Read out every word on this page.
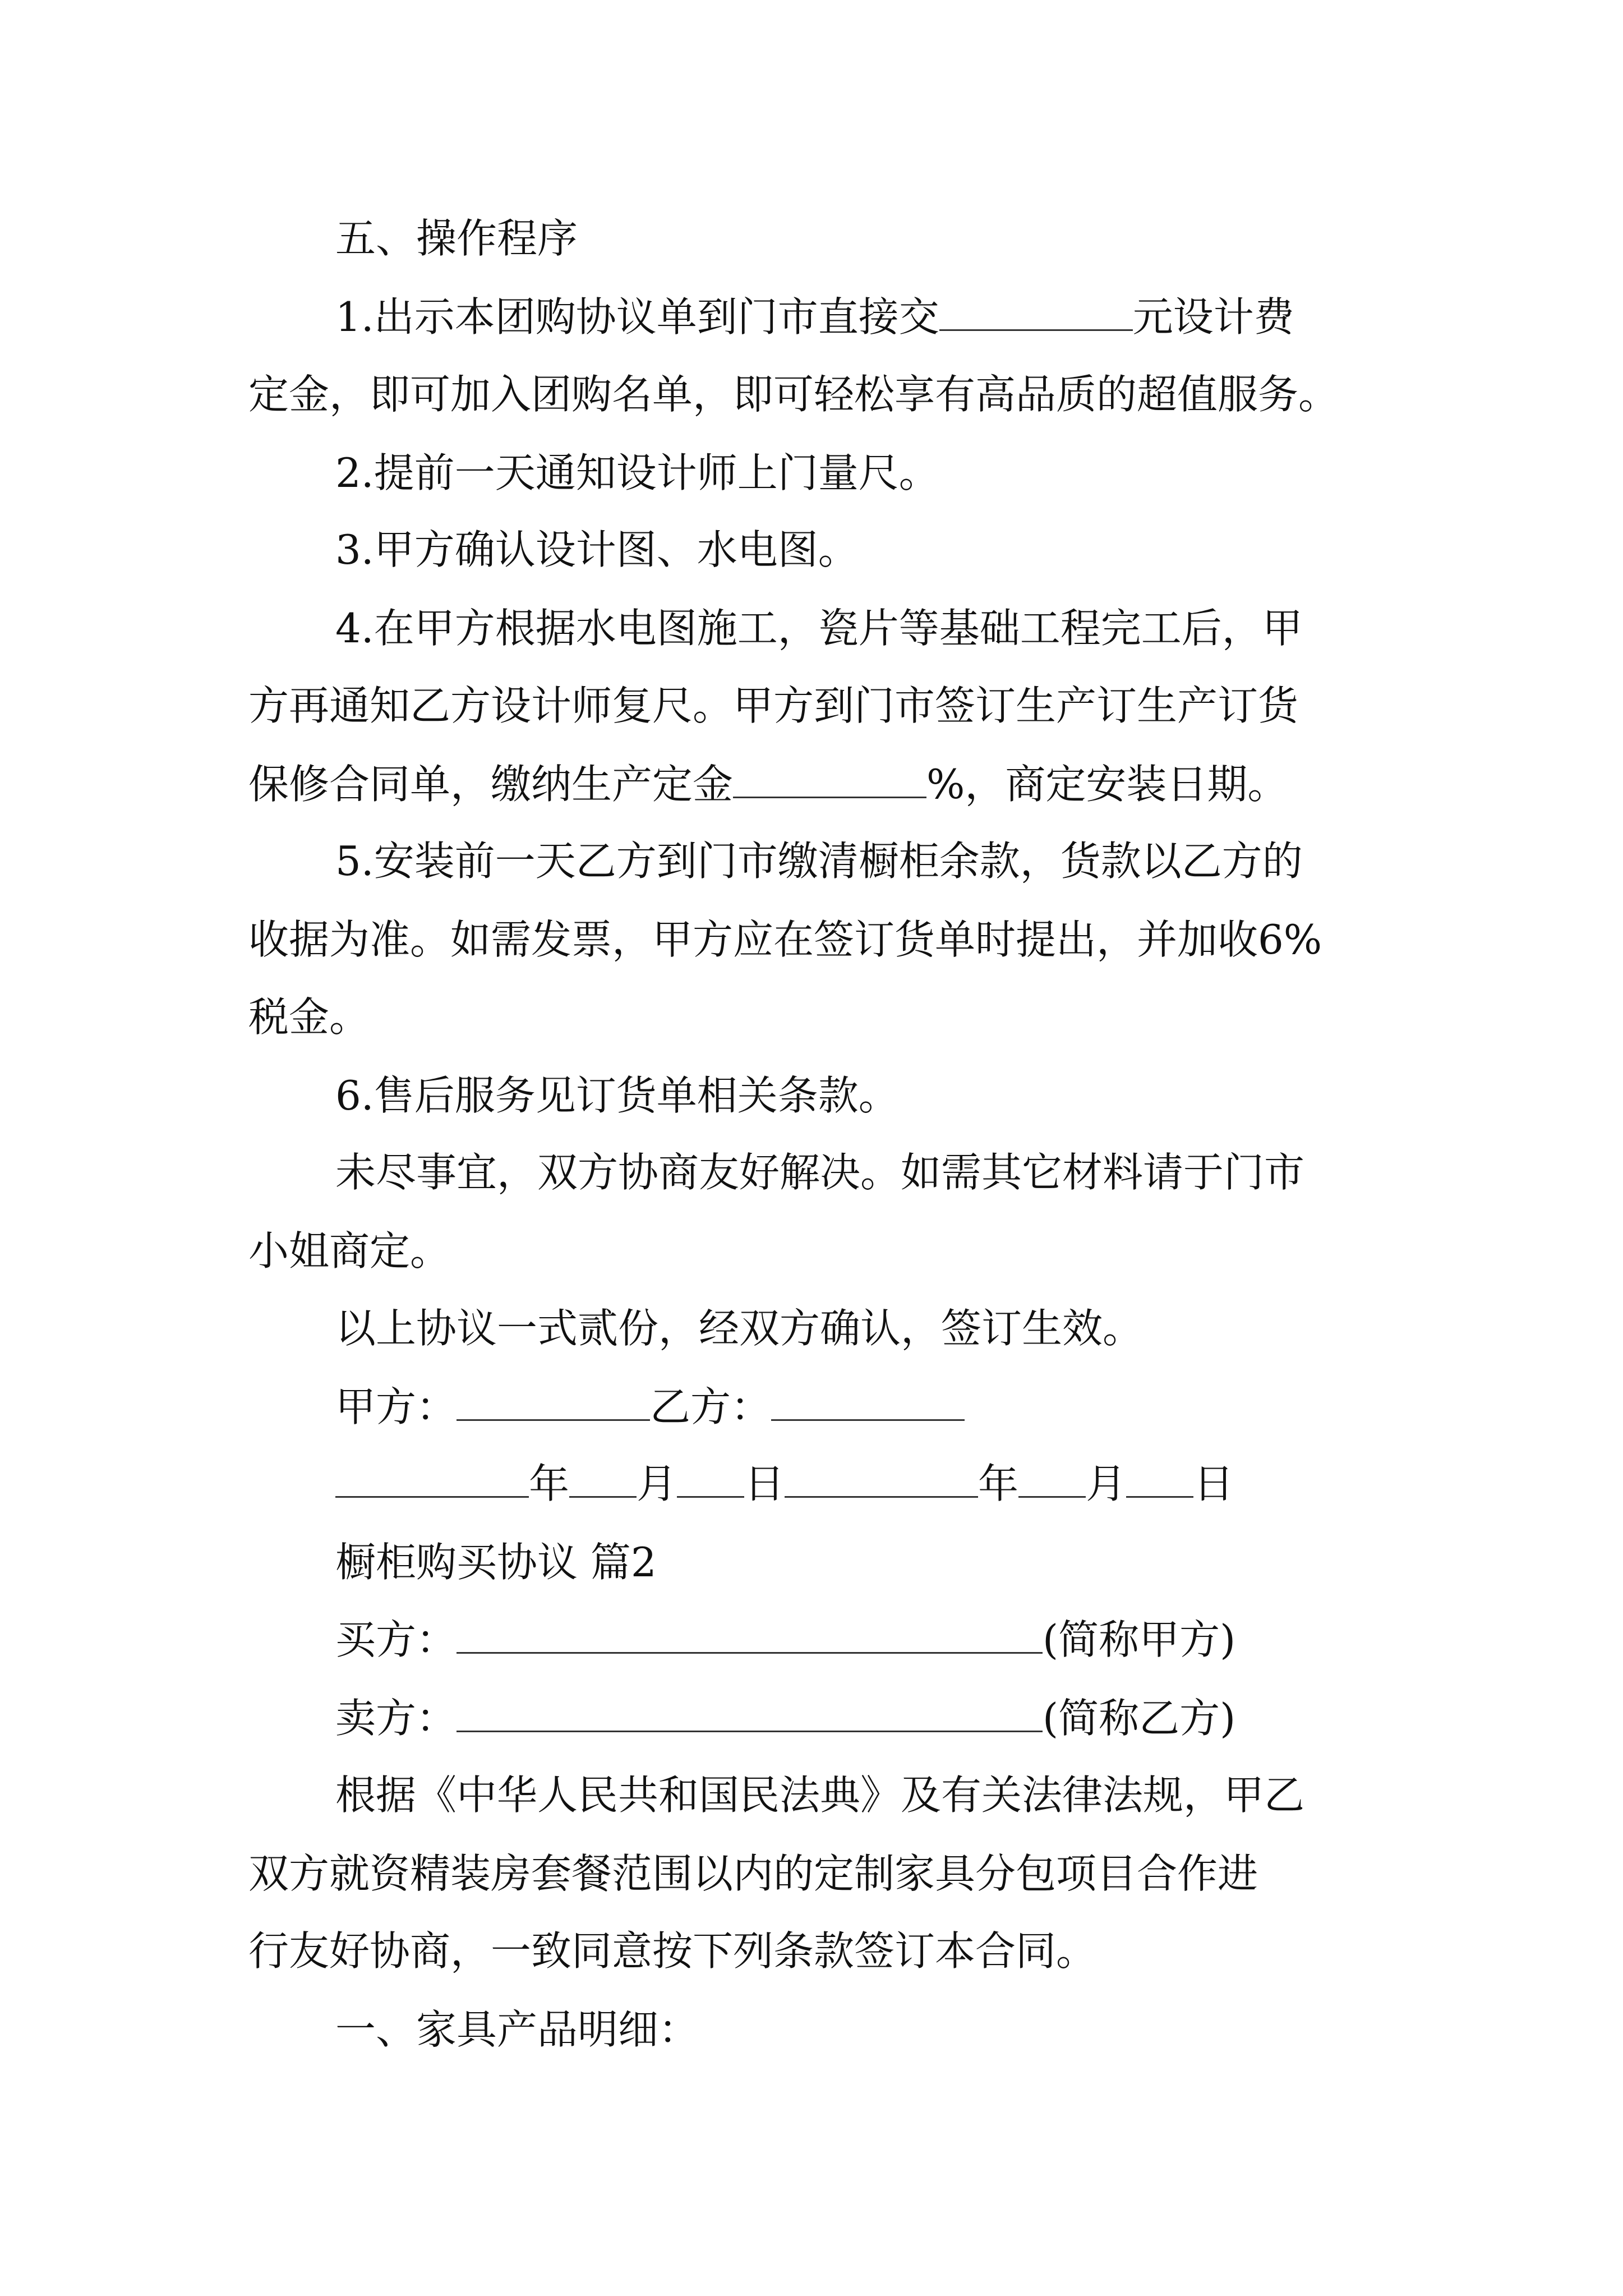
五、操作程序
1.出示本团购协议单到门市直接交	元设计费
定金，即可加入团购名单，即可轻松享有高品质的超值服务。
2.提前一天通知设计师上门量尺。
3.甲方确认设计图、水电图。
4.在甲方根据水电图施工，瓷片等基础工程完工后，甲
方再通知乙方设计师复尺。甲方到门市签订生产订生产订货
保修合同单，缴纳生产定金	%，商定安装日期。
5.安装前一天乙方到门市缴清橱柜余款，货款以乙方的
收据为准。如需发票，甲方应在签订货单时提出，并加收6%
税金。
6.售后服务见订货单相关条款。
未尽事宜，双方协商友好解决。如需其它材料请于门市
小姐商定。
以上协议一式贰份，经双方确认，签订生效。
甲方：	乙方：
年 月 日	年 月 日
橱柜购买协议 篇2
买方：	(简称甲方)
卖方：	(简称乙方)
根据《中华人民共和国民法典》及有关法律法规，甲乙
双方就资精装房套餐范围以内的定制家具分包项目合作进
行友好协商，一致同意按下列条款签订本合同。
一、家具产品明细：
